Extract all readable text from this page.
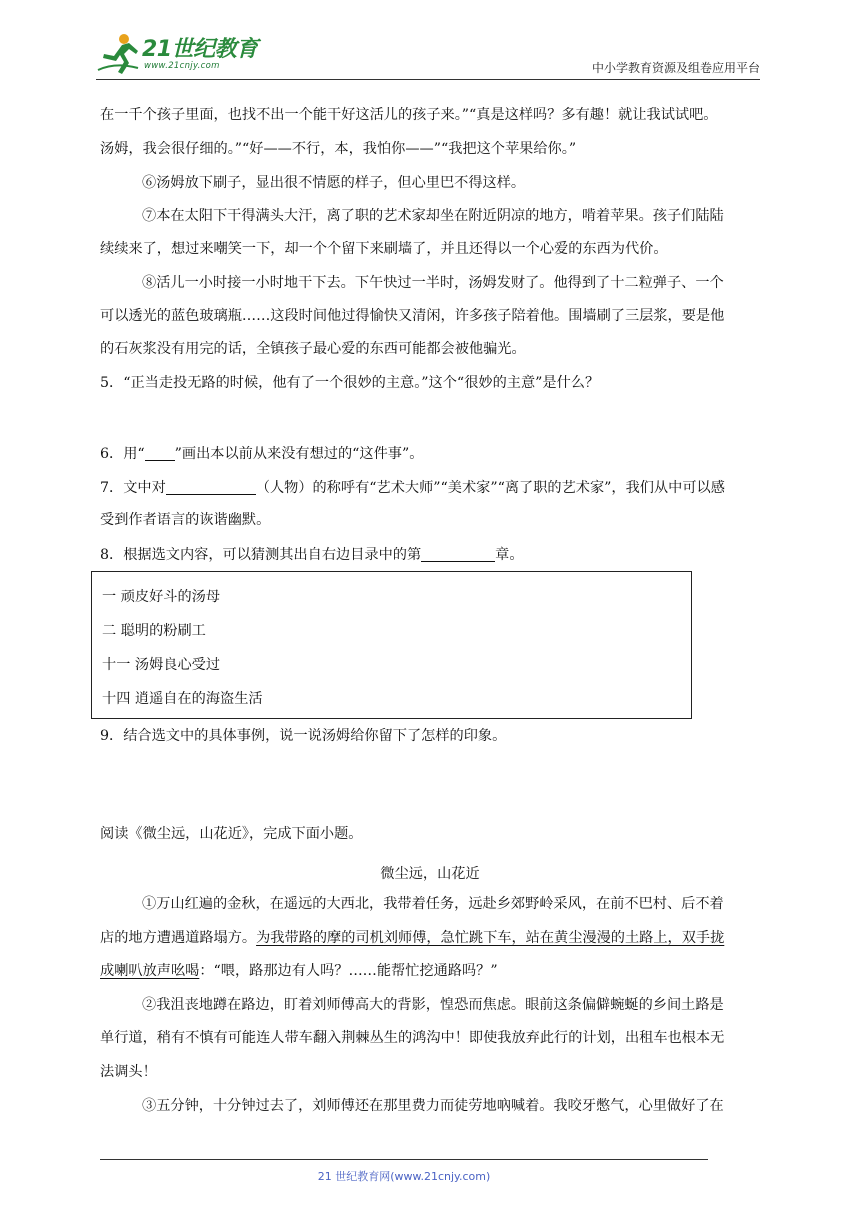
21世纪教育
www.21cnjy.com	中小学教育资源及组卷应用平台
在一千个孩子里面，也找不出一个能干好这活儿的孩子来。”“真是这样吗？多有趣！就让我试试吧。
汤姆，我会很仔细的。”“好——不行，本，我怕你——”“我把这个苹果给你。”
⑥汤姆放下刷子，显出很不情愿的样子，但心里巴不得这样。
⑦本在太阳下干得满头大汗，离了职的艺术家却坐在附近阴凉的地方，啃着苹果。孩子们陆陆
续续来了，想过来嘲笑一下，却一个个留下来刷墙了，并且还得以一个心爱的东西为代价。
⑧活儿一小时接一小时地干下去。下午快过一半时，汤姆发财了。他得到了十二粒弹子、一个
可以透光的蓝色玻璃瓶……这段时间他过得愉快又清闲，许多孩子陪着他。围墙刷了三层浆，要是他
的石灰浆没有用完的话，全镇孩子最心爱的东西可能都会被他骗光。
5．“正当走投无路的时候，他有了一个很妙的主意。”这个“很妙的主意”是什么？
6．用“ ”画出本以前从来没有想过的“这件事”。
7．文中对	（人物）的称呼有“艺术大师”“美术家”“离了职的艺术家”，我们从中可以感
受到作者语言的诙谐幽默。
8．根据选文内容，可以猜测其出自右边目录中的第	章。
一 顽皮好斗的汤母
二 聪明的粉刷工
十一 汤姆良心受过
十四 逍遥自在的海盗生活
9．结合选文中的具体事例，说一说汤姆给你留下了怎样的印象。
阅读《微尘远，山花近》，完成下面小题。
微尘远，山花近
①万山红遍的金秋，在遥远的大西北，我带着任务，远赴乡郊野岭采风，在前不巴村、后不着
店的地方遭遇道路塌方。为我带路的摩的司机刘师傅，急忙跳下车，站在黄尘漫漫的土路上，双手拢
成喇叭放声吆喝：“喂，路那边有人吗？……能帮忙挖通路吗？”
②我沮丧地蹲在路边，盯着刘师傅高大的背影，惶恐而焦虑。眼前这条偏僻蜿蜒的乡间土路是
单行道，稍有不慎有可能连人带车翻入荆棘丛生的鸿沟中！即使我放弃此行的计划，出租车也根本无
法调头！
③五分钟，十分钟过去了，刘师傅还在那里费力而徒劳地吶喊着。我咬牙憋气，心里做好了在
21 世纪教育网(www.21cnjy.com)
